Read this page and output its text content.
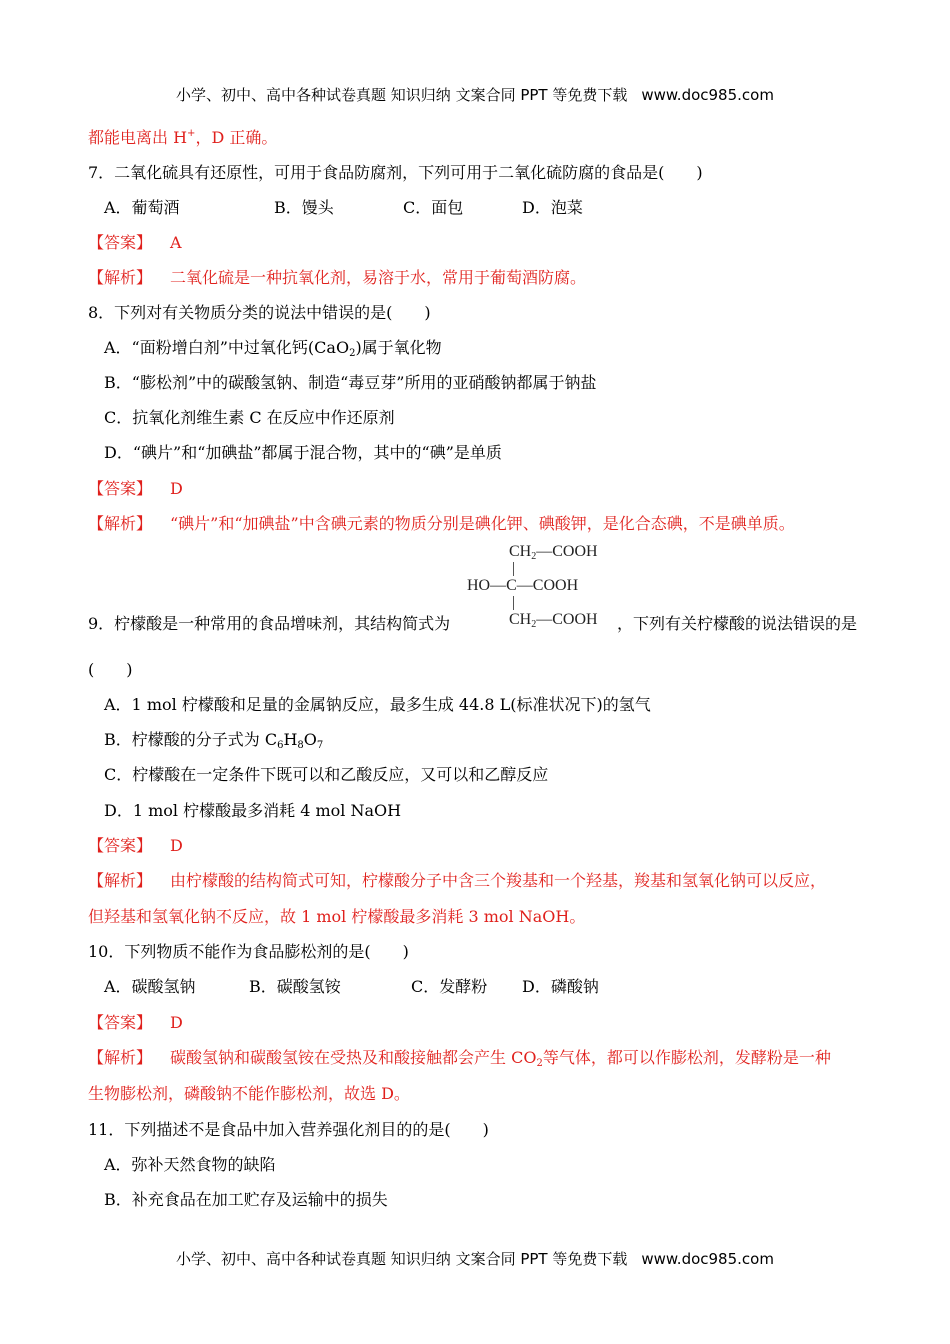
小学、初中、高中各种试卷真题 知识归纳 文案合同 PPT 等免费下载 www.doc985.com
都能电离出 H+，D 正确。
7．二氧化硫具有还原性，可用于食品防腐剂，下列可用于二氧化硫防腐的食品是(　　)
A．葡萄酒	B．馒头	C．面包	D．泡菜
【答案】 A
【解析】 二氧化硫是一种抗氧化剂，易溶于水，常用于葡萄酒防腐。
8．下列对有关物质分类的说法中错误的是(　　)
A．“面粉增白剂”中过氧化钙(CaO$_2$)属于氧化物
B．“膨松剂”中的碳酸氢钠、制造“毒豆芽”所用的亚硝酸钠都属于钠盐
C．抗氧化剂维生素 C 在反应中作还原剂
D．“碘片”和“加碘盐”都属于混合物，其中的“碘”是单质
【答案】 D
【解析】 “碘片”和“加碘盐”中含碘元素的物质分别是碘化钾、碘酸钾，是化合态碘，不是碘单质。
$CH_2—COOH$
HO—C—COOH
$CH_2—COOH$
9．柠檬酸是一种常用的食品增味剂，其结构简式为	，下列有关柠檬酸的说法错误的是
(　　)
A．1 mol 柠檬酸和足量的金属钠反应，最多生成 44.8 L(标准状况下)的氢气
B．柠檬酸的分子式为 $C_6H_8O_7$
C．柠檬酸在一定条件下既可以和乙酸反应，又可以和乙醇反应
D．1 mol 柠檬酸最多消耗 4 mol NaOH
【答案】 D
【解析】 由柠檬酸的结构简式可知，柠檬酸分子中含三个羧基和一个羟基，羧基和氢氧化钠可以反应，
但羟基和氢氧化钠不反应，故 1 mol 柠檬酸最多消耗 3 mol NaOH。
10．下列物质不能作为食品膨松剂的是(　　)
A．碳酸氢钠	B．碳酸氢铵	C．发酵粉 D．磷酸钠
【答案】 D
【解析】 碳酸氢钠和碳酸氢铵在受热及和酸接触都会产生 $CO_2$等气体，都可以作膨松剂，发酵粉是一种
生物膨松剂，磷酸钠不能作膨松剂，故选 D。
11．下列描述不是食品中加入营养强化剂目的的是(　　)
A．弥补天然食物的缺陷
B．补充食品在加工贮存及运输中的损失
小学、初中、高中各种试卷真题 知识归纳 文案合同 PPT 等免费下载 www.doc985.com
